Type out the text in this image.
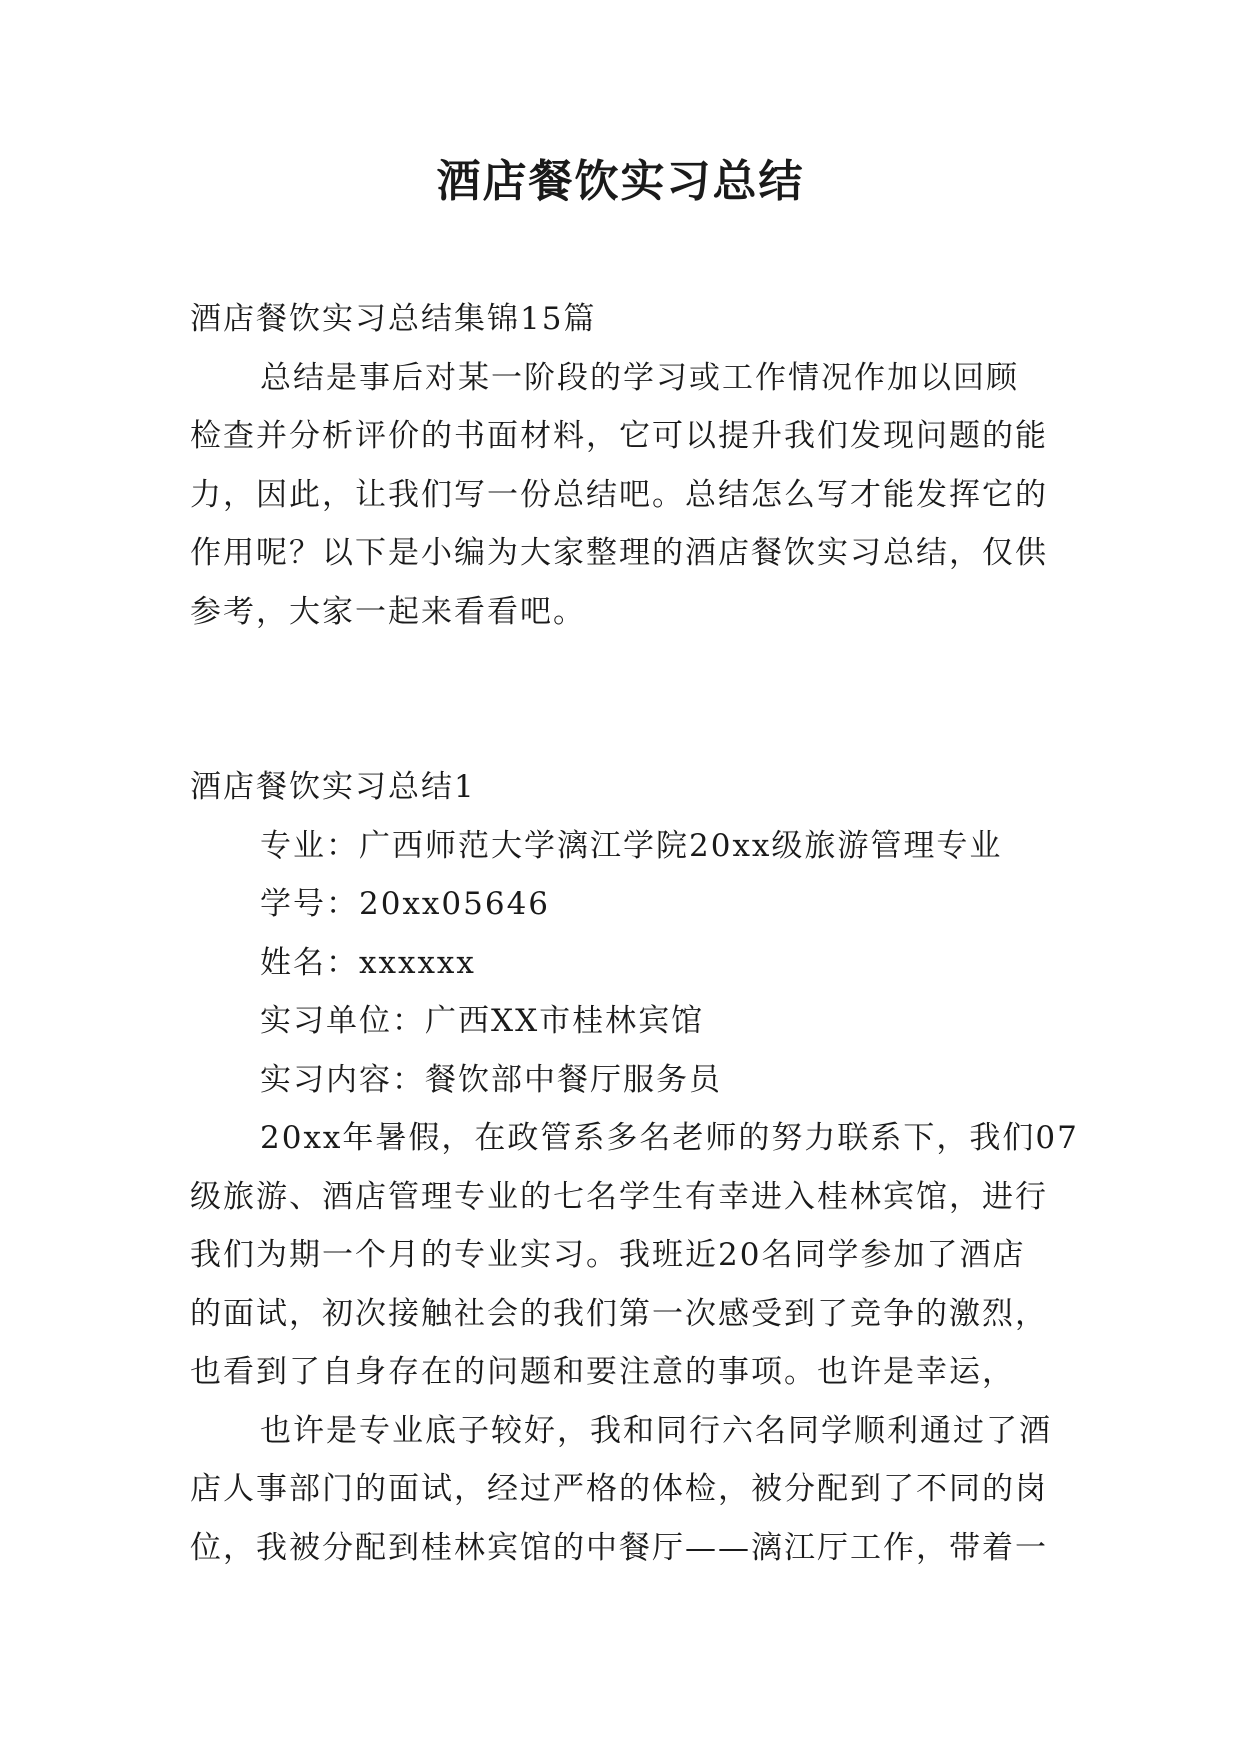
酒店餐饮实习总结

酒店餐饮实习总结集锦15篇

总结是事后对某一阶段的学习或工作情况作加以回顾

检查并分析评价的书面材料，它可以提升我们发现问题的能

力，因此，让我们写一份总结吧。总结怎么写才能发挥它的

作用呢？以下是小编为大家整理的酒店餐饮实习总结，仅供

参考，大家一起来看看吧。

酒店餐饮实习总结1

专业：广西师范大学漓江学院20xx级旅游管理专业

学号：20xx05646

姓名：xxxxxx

实习单位：广西XX市桂林宾馆

实习内容：餐饮部中餐厅服务员

20xx年暑假，在政管系多名老师的努力联系下，我们07

级旅游、酒店管理专业的七名学生有幸进入桂林宾馆，进行

我们为期一个月的专业实习。我班近20名同学参加了酒店

的面试，初次接触社会的我们第一次感受到了竞争的激烈，

也看到了自身存在的问题和要注意的事项。也许是幸运，

也许是专业底子较好，我和同行六名同学顺利通过了酒

店人事部门的面试，经过严格的体检，被分配到了不同的岗

位，我被分配到桂林宾馆的中餐厅——漓江厅工作，带着一
